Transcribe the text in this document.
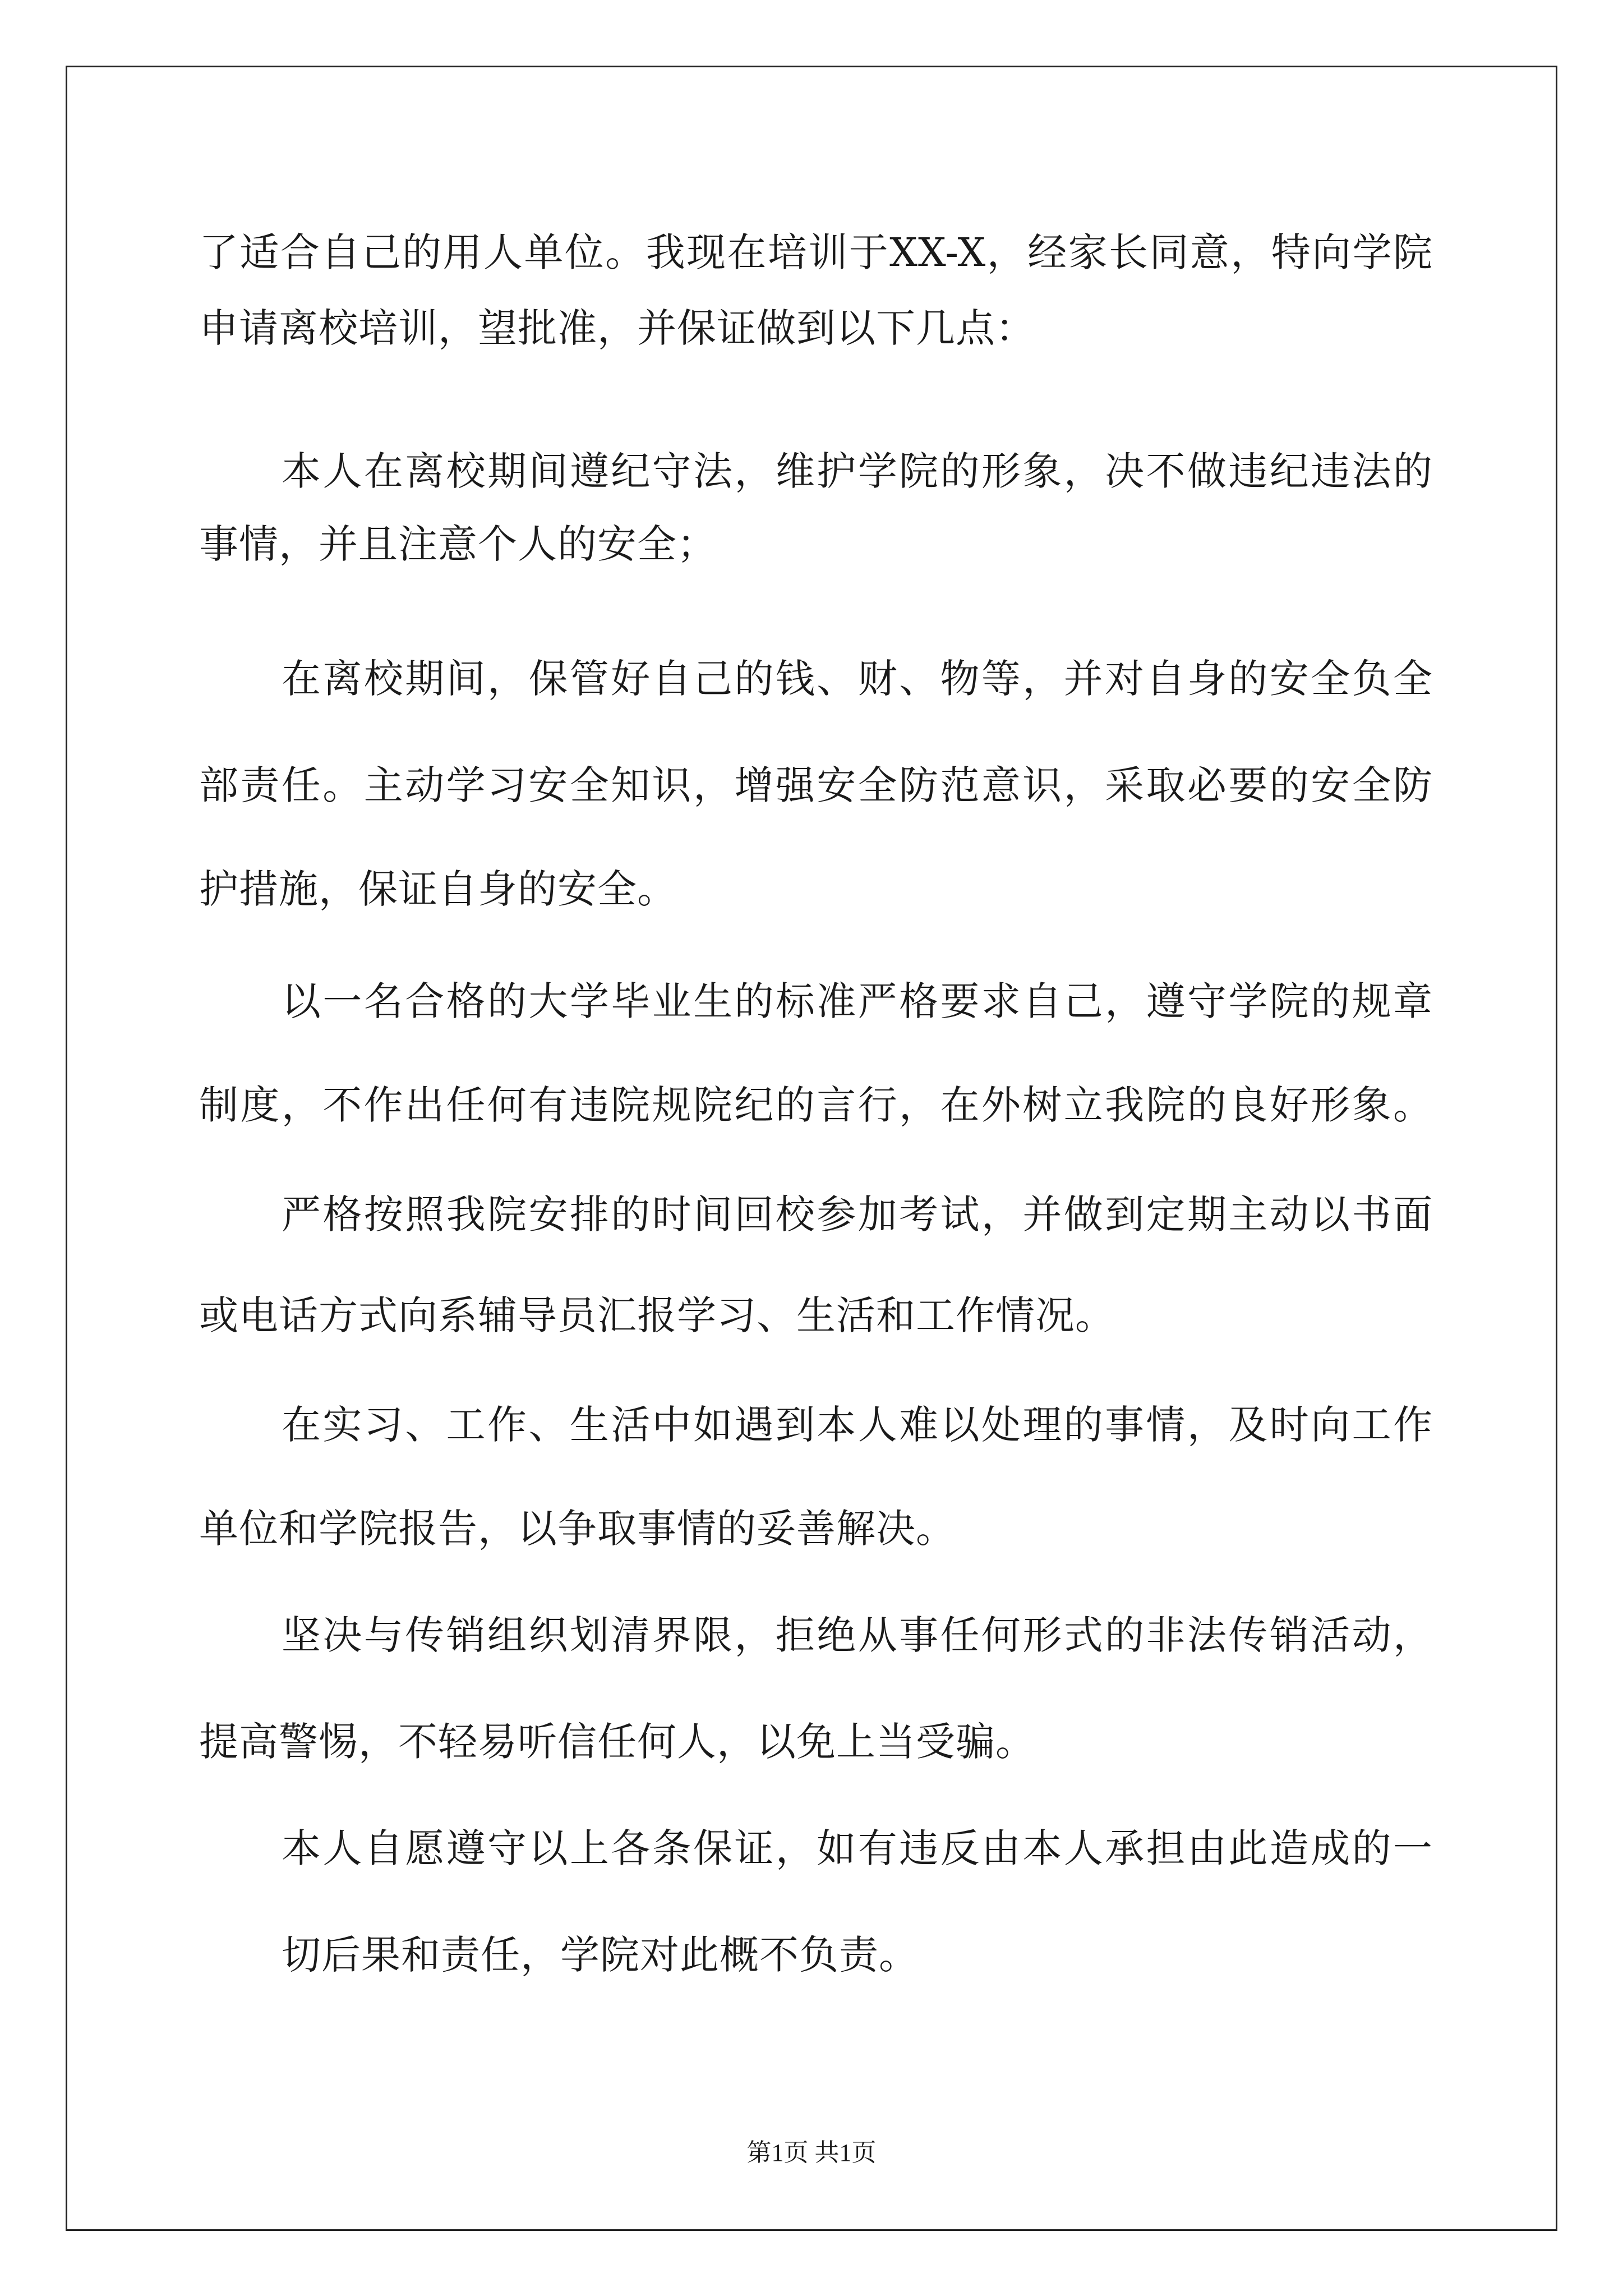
了适合自己的用人单位。我现在培训于XX-X，经家长同意，特向学院
申请离校培训，望批准，并保证做到以下几点：
本人在离校期间遵纪守法，维护学院的形象，决不做违纪违法的
事情，并且注意个人的安全；
在离校期间，保管好自己的钱、财、物等，并对自身的安全负全
部责任。主动学习安全知识，增强安全防范意识，采取必要的安全防
护措施，保证自身的安全。
以一名合格的大学毕业生的标准严格要求自己，遵守学院的规章
制度，不作出任何有违院规院纪的言行，在外树立我院的良好形象。
严格按照我院安排的时间回校参加考试，并做到定期主动以书面
或电话方式向系辅导员汇报学习、生活和工作情况。
在实习、工作、生活中如遇到本人难以处理的事情，及时向工作
单位和学院报告，以争取事情的妥善解决。
坚决与传销组织划清界限，拒绝从事任何形式的非法传销活动，
提高警惕，不轻易听信任何人，以免上当受骗。
本人自愿遵守以上各条保证，如有违反由本人承担由此造成的一
切后果和责任，学院对此概不负责。
第1页 共1页
